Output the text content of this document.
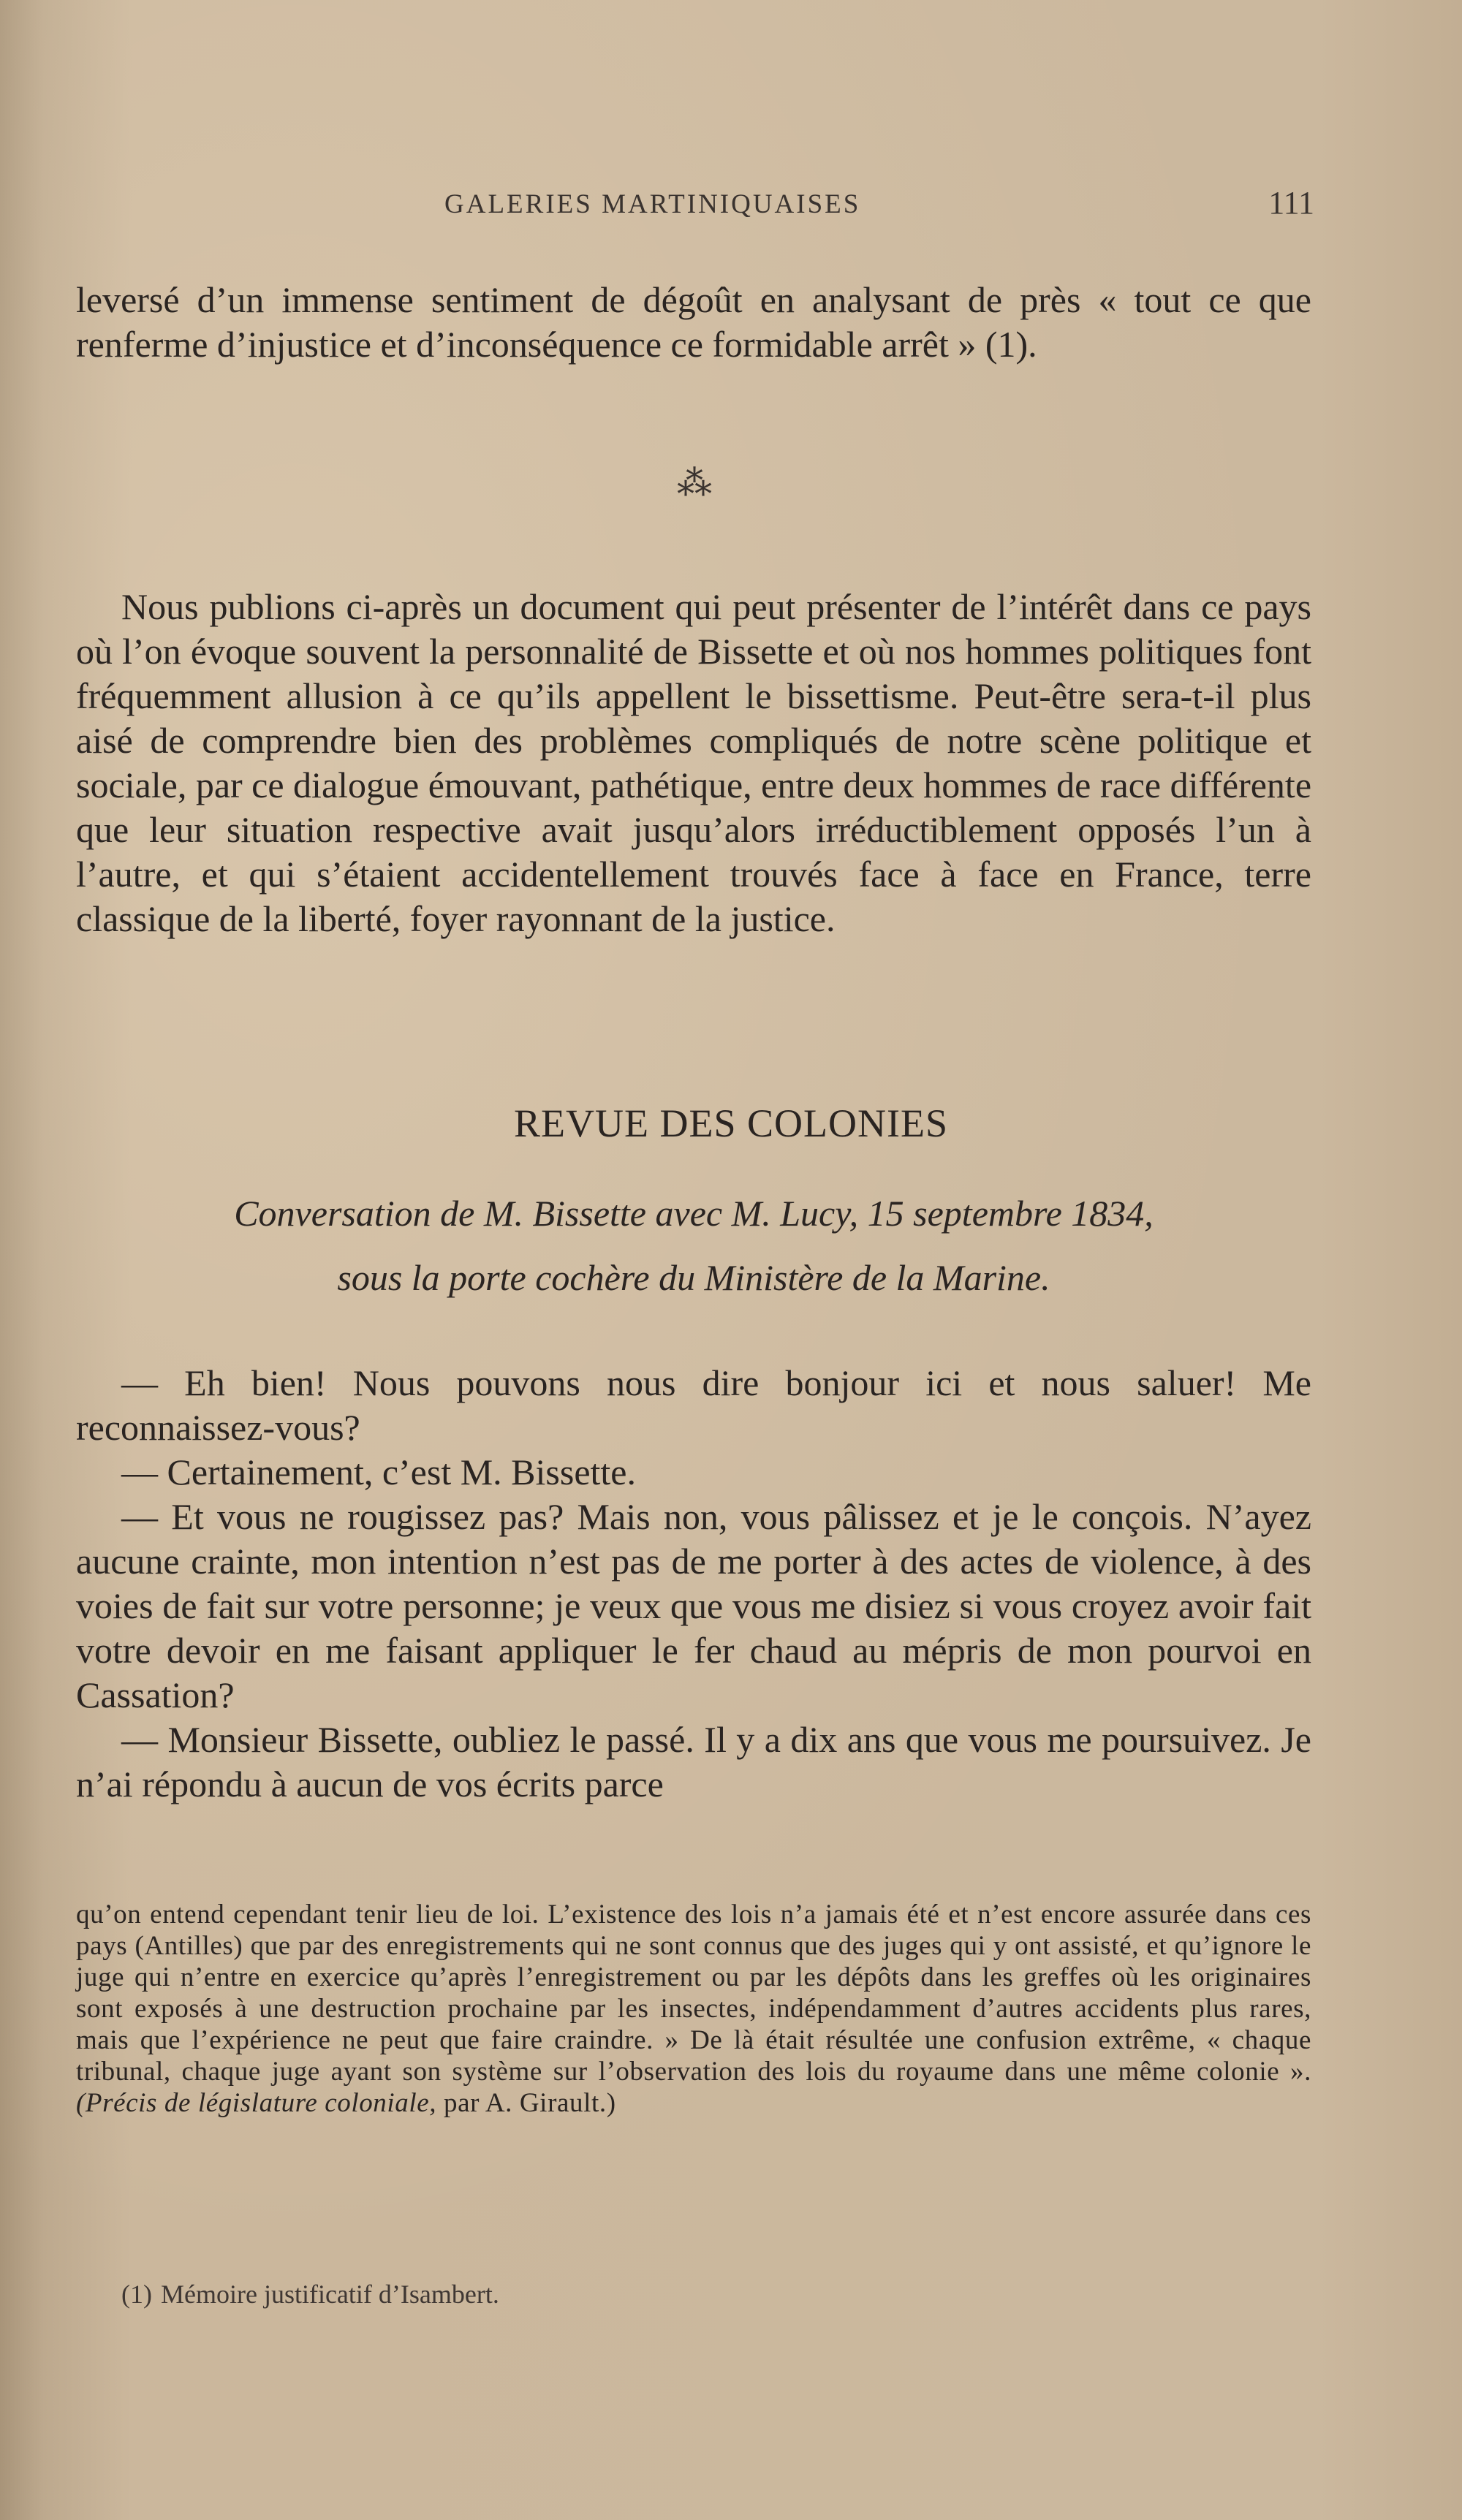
GALERIES MARTINIQUAISES	111

leversé d’un immense sentiment de dégoût en analysant de près « tout ce que renferme d’injustice et d’inconséquence ce formidable arrêt » (1).

⁂

Nous publions ci-après un document qui peut présenter de l’intérêt dans ce pays où l’on évoque souvent la personnalité de Bissette et où nos hommes politiques font fréquemment allusion à ce qu’ils appellent le bissettisme. Peut-être sera-t-il plus aisé de comprendre bien des problèmes compliqués de notre scène politique et sociale, par ce dialogue émouvant, pathétique, entre deux hommes de race différente que leur situation respective avait jusqu’alors irréductiblement opposés l’un à l’autre, et qui s’étaient accidentellement trouvés face à face en France, terre classique de la liberté, foyer rayonnant de la justice.

REVUE DES COLONIES
Conversation de M. Bissette avec M. Lucy, 15 septembre 1834,
sous la porte cochère du Ministère de la Marine.

— Eh bien! Nous pouvons nous dire bonjour ici et nous saluer! Me reconnaissez-vous?

— Certainement, c’est M. Bissette.

— Et vous ne rougissez pas? Mais non, vous pâlissez et je le conçois. N’ayez aucune crainte, mon intention n’est pas de me porter à des actes de violence, à des voies de fait sur votre personne; je veux que vous me disiez si vous croyez avoir fait votre devoir en me faisant appliquer le fer chaud au mépris de mon pourvoi en Cassation?

— Monsieur Bissette, oubliez le passé. Il y a dix ans que vous me poursuivez. Je n’ai répondu à aucun de vos écrits parce

qu’on entend cependant tenir lieu de loi. L’existence des lois n’a jamais été et n’est encore assurée dans ces pays (Antilles) que par des enregistrements qui ne sont connus que des juges qui y ont assisté, et qu’ignore le juge qui n’entre en exercice qu’après l’enregistrement ou par les dépôts dans les greffes où les originaires sont exposés à une destruction prochaine par les insectes, indépendamment d’autres accidents plus rares, mais que l’expérience ne peut que faire craindre. » De là était résultée une confusion extrême, « chaque tribunal, chaque juge ayant son système sur l’observation des lois du royaume dans une même colonie ». (Précis de législature coloniale, par A. Girault.)
(1) Mémoire justificatif d’Isambert.
